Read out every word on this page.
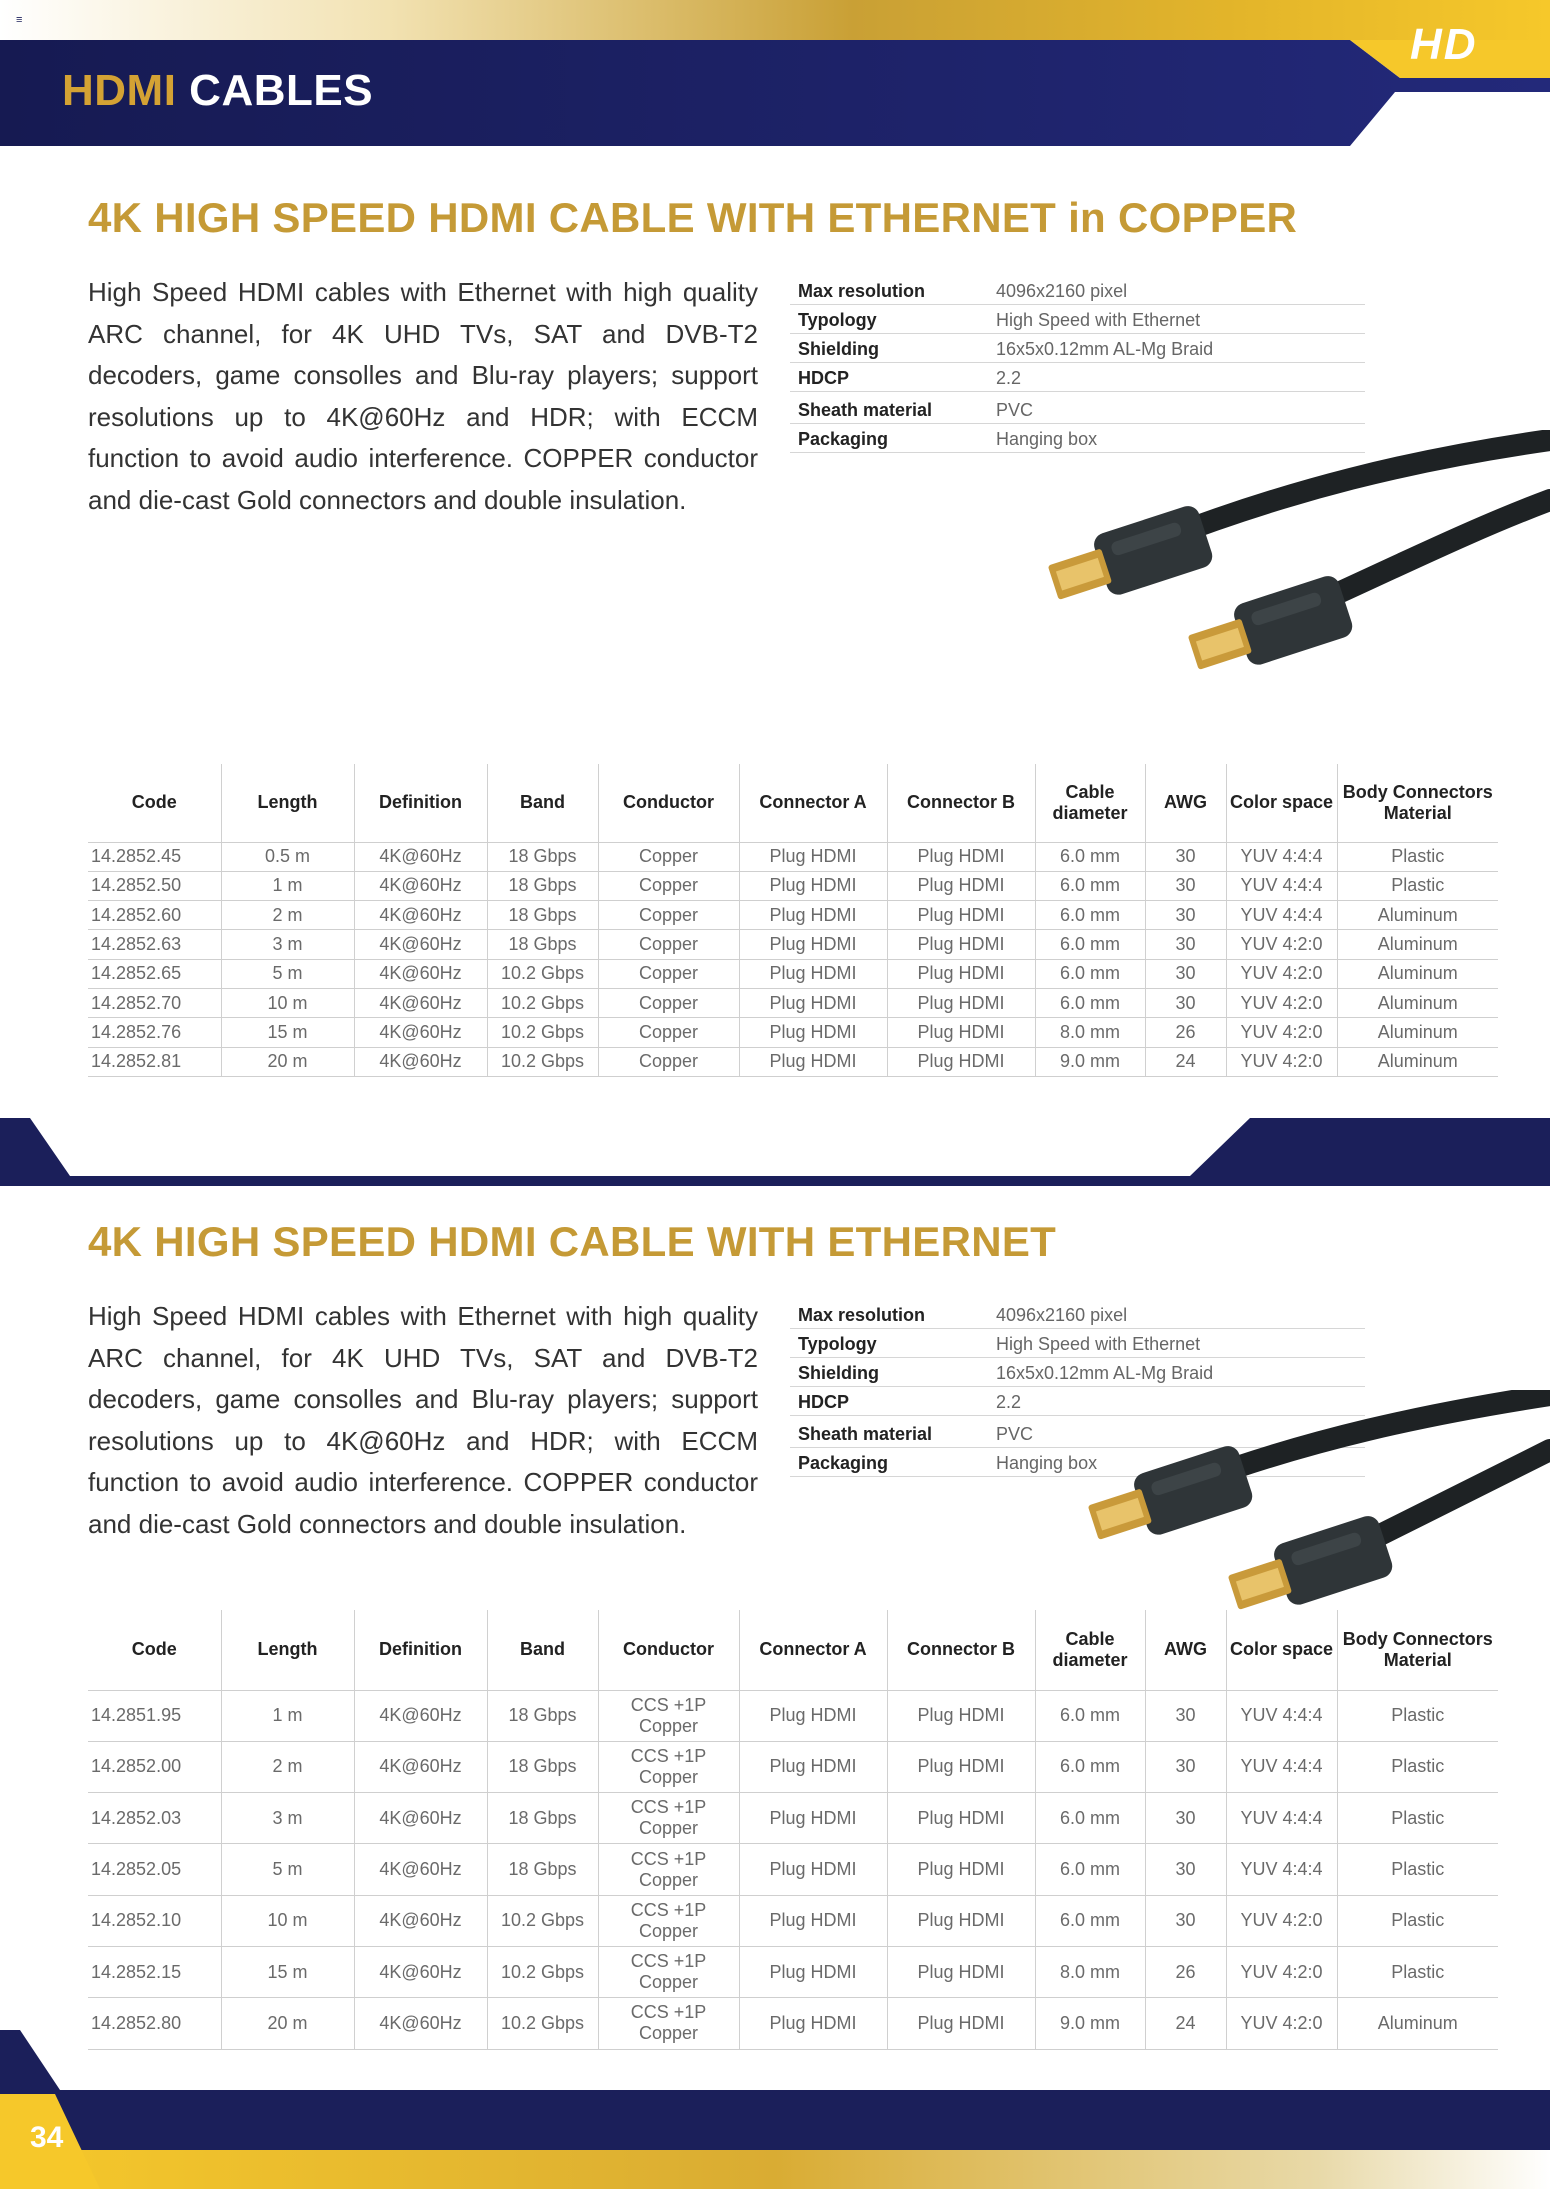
≡	HD
HDMI CABLES
4K HIGH SPEED HDMI CABLE WITH ETHERNET in COPPER

High Speed HDMI cables with Ethernet with high quality ARC channel, for 4K UHD TVs, SAT and DVB-T2 decoders, game consolles and Blu-ray players; support resolutions up to 4K@60Hz and HDR; with ECCM function to avoid audio interference. COPPER conductor and die-cast Gold connectors and double insulation.

Max resolution	4096x2160 pixel
Typology	High Speed with Ethernet
Shielding	16x5x0.12mm AL-Mg Braid
HDCP	2.2
Sheath material	PVC
Packaging	Hanging box
Code	Length	Definition	Band	Conductor	Connector A	Connector B	Cable diameter	AWG	Color space	Body Connectors Material
14.2852.45	0.5 m	4K@60Hz	18 Gbps	Copper	Plug HDMI	Plug HDMI	6.0 mm	30	YUV 4:4:4	Plastic
14.2852.50	1 m	4K@60Hz	18 Gbps	Copper	Plug HDMI	Plug HDMI	6.0 mm	30	YUV 4:4:4	Plastic
14.2852.60	2 m	4K@60Hz	18 Gbps	Copper	Plug HDMI	Plug HDMI	6.0 mm	30	YUV 4:4:4	Aluminum
14.2852.63	3 m	4K@60Hz	18 Gbps	Copper	Plug HDMI	Plug HDMI	6.0 mm	30	YUV 4:2:0	Aluminum
14.2852.65	5 m	4K@60Hz	10.2 Gbps	Copper	Plug HDMI	Plug HDMI	6.0 mm	30	YUV 4:2:0	Aluminum
14.2852.70	10 m	4K@60Hz	10.2 Gbps	Copper	Plug HDMI	Plug HDMI	6.0 mm	30	YUV 4:2:0	Aluminum
14.2852.76	15 m	4K@60Hz	10.2 Gbps	Copper	Plug HDMI	Plug HDMI	8.0 mm	26	YUV 4:2:0	Aluminum
14.2852.81	20 m	4K@60Hz	10.2 Gbps	Copper	Plug HDMI	Plug HDMI	9.0 mm	24	YUV 4:2:0	Aluminum
4K HIGH SPEED HDMI CABLE WITH ETHERNET

High Speed HDMI cables with Ethernet with high quality ARC channel, for 4K UHD TVs, SAT and DVB-T2 decoders, game consolles and Blu-ray players; support resolutions up to 4K@60Hz and HDR; with ECCM function to avoid audio interference. COPPER conductor and die-cast Gold connectors and double insulation.

Max resolution	4096x2160 pixel
Typology	High Speed with Ethernet
Shielding	16x5x0.12mm AL-Mg Braid
HDCP	2.2
Sheath material	PVC
Packaging	Hanging box
Code	Length	Definition	Band	Conductor	Connector A	Connector B	Cable diameter	AWG	Color space	Body Connectors Material
14.2851.95	1 m	4K@60Hz	18 Gbps	CCS +1P Copper	Plug HDMI	Plug HDMI	6.0 mm	30	YUV 4:4:4	Plastic
14.2852.00	2 m	4K@60Hz	18 Gbps	CCS +1P Copper	Plug HDMI	Plug HDMI	6.0 mm	30	YUV 4:4:4	Plastic
14.2852.03	3 m	4K@60Hz	18 Gbps	CCS +1P Copper	Plug HDMI	Plug HDMI	6.0 mm	30	YUV 4:4:4	Plastic
14.2852.05	5 m	4K@60Hz	18 Gbps	CCS +1P Copper	Plug HDMI	Plug HDMI	6.0 mm	30	YUV 4:4:4	Plastic
14.2852.10	10 m	4K@60Hz	10.2 Gbps	CCS +1P Copper	Plug HDMI	Plug HDMI	6.0 mm	30	YUV 4:2:0	Plastic
14.2852.15	15 m	4K@60Hz	10.2 Gbps	CCS +1P Copper	Plug HDMI	Plug HDMI	8.0 mm	26	YUV 4:2:0	Plastic
14.2852.80	20 m	4K@60Hz	10.2 Gbps	CCS +1P Copper	Plug HDMI	Plug HDMI	9.0 mm	24	YUV 4:2:0	Aluminum
34
